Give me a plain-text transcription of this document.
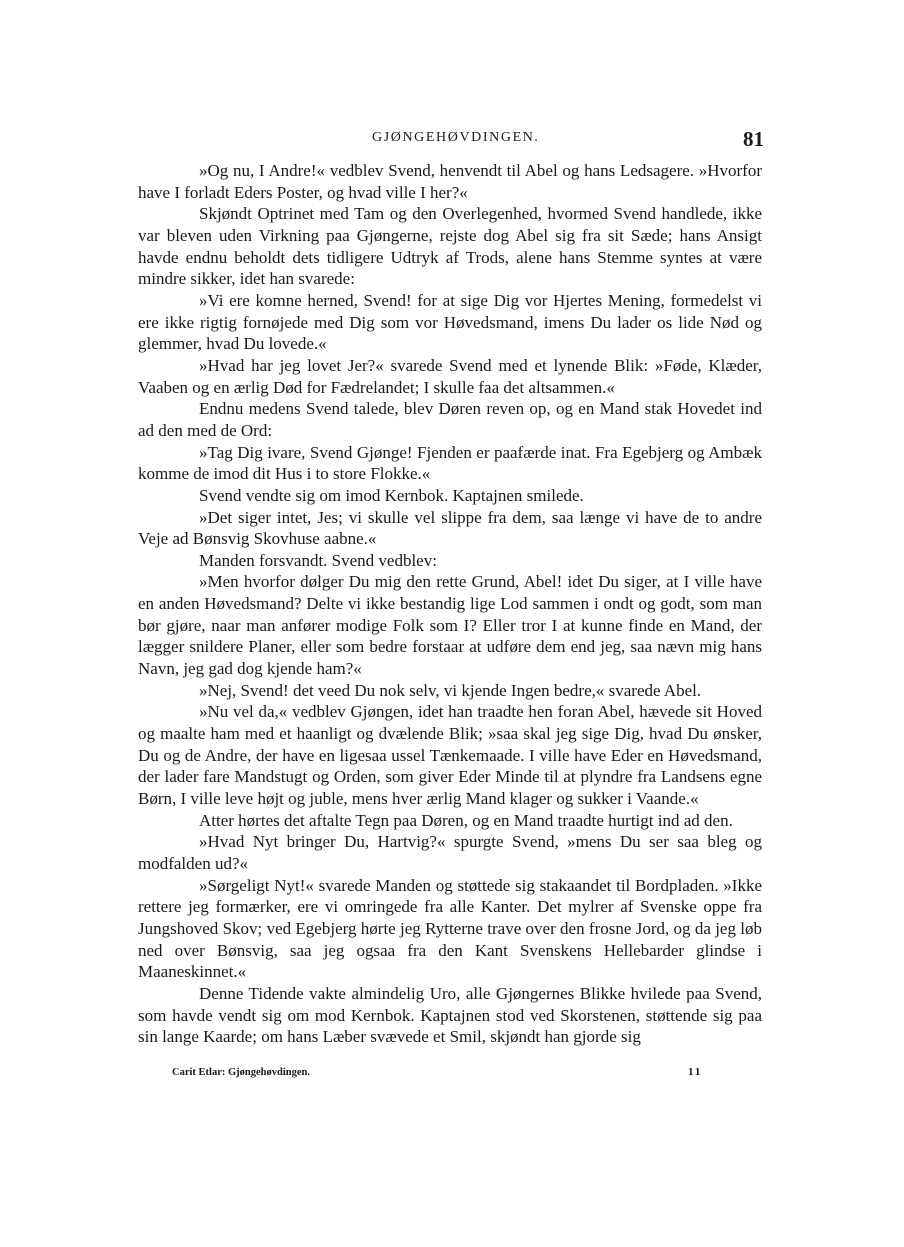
GJØNGEHØVDINGEN.	81

»Og nu, I Andre!« vedblev Svend, henvendt til Abel og hans Ledsagere. »Hvorfor have I forladt Eders Poster, og hvad ville I her?«

Skjøndt Optrinet med Tam og den Overlegenhed, hvormed Svend handlede, ikke var bleven uden Virkning paa Gjøngerne, rejste dog Abel sig fra sit Sæde; hans Ansigt havde endnu beholdt dets tidligere Udtryk af Trods, alene hans Stemme syntes at være mindre sikker, idet han svarede:

»Vi ere komne herned, Svend! for at sige Dig vor Hjertes Mening, formedelst vi ere ikke rigtig fornøjede med Dig som vor Høvedsmand, imens Du lader os lide Nød og glemmer, hvad Du lovede.«

»Hvad har jeg lovet Jer?« svarede Svend med et lynende Blik: »Føde, Klæder, Vaaben og en ærlig Død for Fædrelandet; I skulle faa det altsammen.«

Endnu medens Svend talede, blev Døren reven op, og en Mand stak Hovedet ind ad den med de Ord:

»Tag Dig ivare, Svend Gjønge! Fjenden er paafærde inat. Fra Egebjerg og Ambæk komme de imod dit Hus i to store Flokke.«

Svend vendte sig om imod Kernbok. Kaptajnen smilede.

»Det siger intet, Jes; vi skulle vel slippe fra dem, saa længe vi have de to andre Veje ad Bønsvig Skovhuse aabne.«

Manden forsvandt. Svend vedblev:

»Men hvorfor dølger Du mig den rette Grund, Abel! idet Du siger, at I ville have en anden Høvedsmand? Delte vi ikke bestandig lige Lod sammen i ondt og godt, som man bør gjøre, naar man anfører modige Folk som I? Eller tror I at kunne finde en Mand, der lægger snildere Planer, eller som bedre forstaar at udføre dem end jeg, saa nævn mig hans Navn, jeg gad dog kjende ham?«

»Nej, Svend! det veed Du nok selv, vi kjende Ingen bedre,« svarede Abel.

»Nu vel da,« vedblev Gjøngen, idet han traadte hen foran Abel, hævede sit Hoved og maalte ham med et haanligt og dvælende Blik; »saa skal jeg sige Dig, hvad Du ønsker, Du og de Andre, der have en ligesaa ussel Tænkemaade. I ville have Eder en Høvedsmand, der lader fare Mandstugt og Orden, som giver Eder Minde til at plyndre fra Landsens egne Børn, I ville leve højt og juble, mens hver ærlig Mand klager og sukker i Vaande.«

Atter hørtes det aftalte Tegn paa Døren, og en Mand traadte hurtigt ind ad den.

»Hvad Nyt bringer Du, Hartvig?« spurgte Svend, »mens Du ser saa bleg og modfalden ud?«

»Sørgeligt Nyt!« svarede Manden og støttede sig stakaandet til Bordpladen. »Ikke rettere jeg formærker, ere vi omringede fra alle Kanter. Det mylrer af Svenske oppe fra Jungshoved Skov; ved Egebjerg hørte jeg Rytterne trave over den frosne Jord, og da jeg løb ned over Bønsvig, saa jeg ogsaa fra den Kant Svenskens Hellebarder glindse i Maaneskinnet.«

Denne Tidende vakte almindelig Uro, alle Gjøngernes Blikke hvilede paa Svend, som havde vendt sig om mod Kernbok. Kaptajnen stod ved Skorstenen, støttende sig paa sin lange Kaarde; om hans Læber svævede et Smil, skjøndt han gjorde sig

Carit Etlar: Gjøngehøvdingen.	11
